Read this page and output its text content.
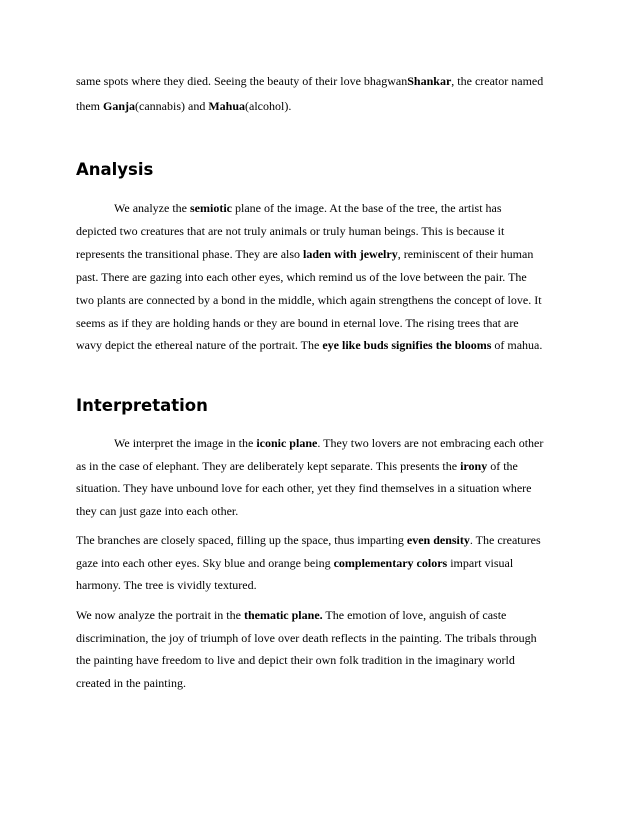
same spots where they died. Seeing the beauty of their love bhagwanShankar, the creator named
them Ganja(cannabis) and Mahua(alcohol).
Analysis
We analyze the semiotic plane of the image. At the base of the tree, the artist has
depicted two creatures that are not truly animals or truly human beings. This is because it
represents the transitional phase. They are also laden with jewelry, reminiscent of their human
past. There are gazing into each other eyes, which remind us of the love between the pair. The
two plants are connected by a bond in the middle, which again strengthens the concept of love. It
seems as if they are holding hands or they are bound in eternal love. The rising trees that are
wavy depict the ethereal nature of the portrait. The eye like buds signifies the blooms of mahua.
Interpretation
We interpret the image in the iconic plane. They two lovers are not embracing each other
as in the case of elephant. They are deliberately kept separate. This presents the irony of the
situation. They have unbound love for each other, yet they find themselves in a situation where
they can just gaze into each other.
The branches are closely spaced, filling up the space, thus imparting even density. The creatures
gaze into each other eyes. Sky blue and orange being complementary colors impart visual
harmony. The tree is vividly textured.
We now analyze the portrait in the thematic plane. The emotion of love, anguish of caste
discrimination, the joy of triumph of love over death reflects in the painting. The tribals through
the painting have freedom to live and depict their own folk tradition in the imaginary world
created in the painting.
